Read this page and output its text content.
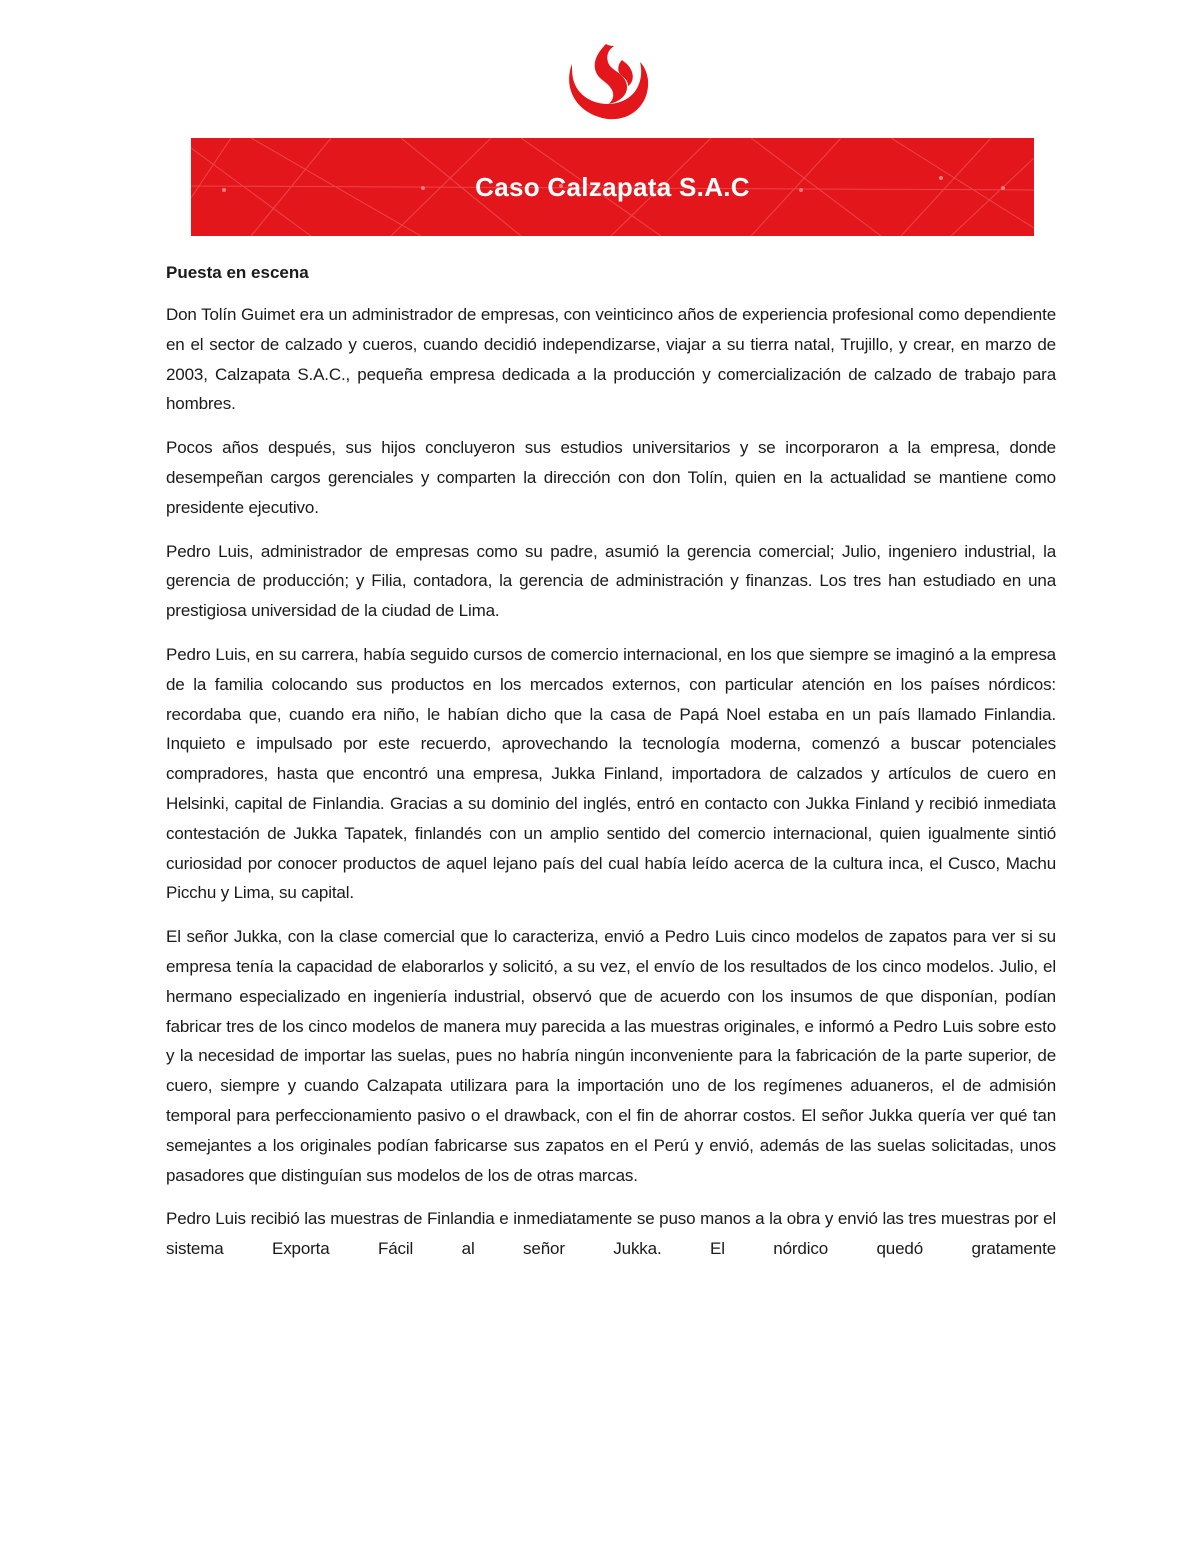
Caso Calzapata S.A.C
Puesta en escena

Don Tolín Guimet era un administrador de empresas, con veinticinco años de experiencia profesional como dependiente en el sector de calzado y cueros, cuando decidió independizarse, viajar a su tierra natal, Trujillo, y crear, en marzo de 2003, Calzapata S.A.C., pequeña empresa dedicada a la producción y comercialización de calzado de trabajo para hombres.

Pocos años después, sus hijos concluyeron sus estudios universitarios y se incorporaron a la empresa, donde desempeñan cargos gerenciales y comparten la dirección con don Tolín, quien en la actualidad se mantiene como presidente ejecutivo.

Pedro Luis, administrador de empresas como su padre, asumió la gerencia comercial; Julio, ingeniero industrial, la gerencia de producción; y Filia, contadora, la gerencia de administración y finanzas. Los tres han estudiado en una prestigiosa universidad de la ciudad de Lima.

Pedro Luis, en su carrera, había seguido cursos de comercio internacional, en los que siempre se imaginó a la empresa de la familia colocando sus productos en los mercados externos, con particular atención en los países nórdicos: recordaba que, cuando era niño, le habían dicho que la casa de Papá Noel estaba en un país llamado Finlandia. Inquieto e impulsado por este recuerdo, aprovechando la tecnología moderna, comenzó a buscar potenciales compradores, hasta que encontró una empresa, Jukka Finland, importadora de calzados y artículos de cuero en Helsinki, capital de Finlandia. Gracias a su dominio del inglés, entró en contacto con Jukka Finland y recibió inmediata contestación de Jukka Tapatek, finlandés con un amplio sentido del comercio internacional, quien igualmente sintió curiosidad por conocer productos de aquel lejano país del cual había leído acerca de la cultura inca, el Cusco, Machu Picchu y Lima, su capital.

El señor Jukka, con la clase comercial que lo caracteriza, envió a Pedro Luis cinco modelos de zapatos para ver si su empresa tenía la capacidad de elaborarlos y solicitó, a su vez, el envío de los resultados de los cinco modelos. Julio, el hermano especializado en ingeniería industrial, observó que de acuerdo con los insumos de que disponían, podían fabricar tres de los cinco modelos de manera muy parecida a las muestras originales, e informó a Pedro Luis sobre esto y la necesidad de importar las suelas, pues no habría ningún inconveniente para la fabricación de la parte superior, de cuero, siempre y cuando Calzapata utilizara para la importación uno de los regímenes aduaneros, el de admisión temporal para perfeccionamiento pasivo o el drawback, con el fin de ahorrar costos. El señor Jukka quería ver qué tan semejantes a los originales podían fabricarse sus zapatos en el Perú y envió, además de las suelas solicitadas, unos pasadores que distinguían sus modelos de los de otras marcas.

Pedro Luis recibió las muestras de Finlandia e inmediatamente se puso manos a la obra y envió las tres muestras por el sistema Exporta Fácil al señor Jukka. El nórdico quedó gratamente
